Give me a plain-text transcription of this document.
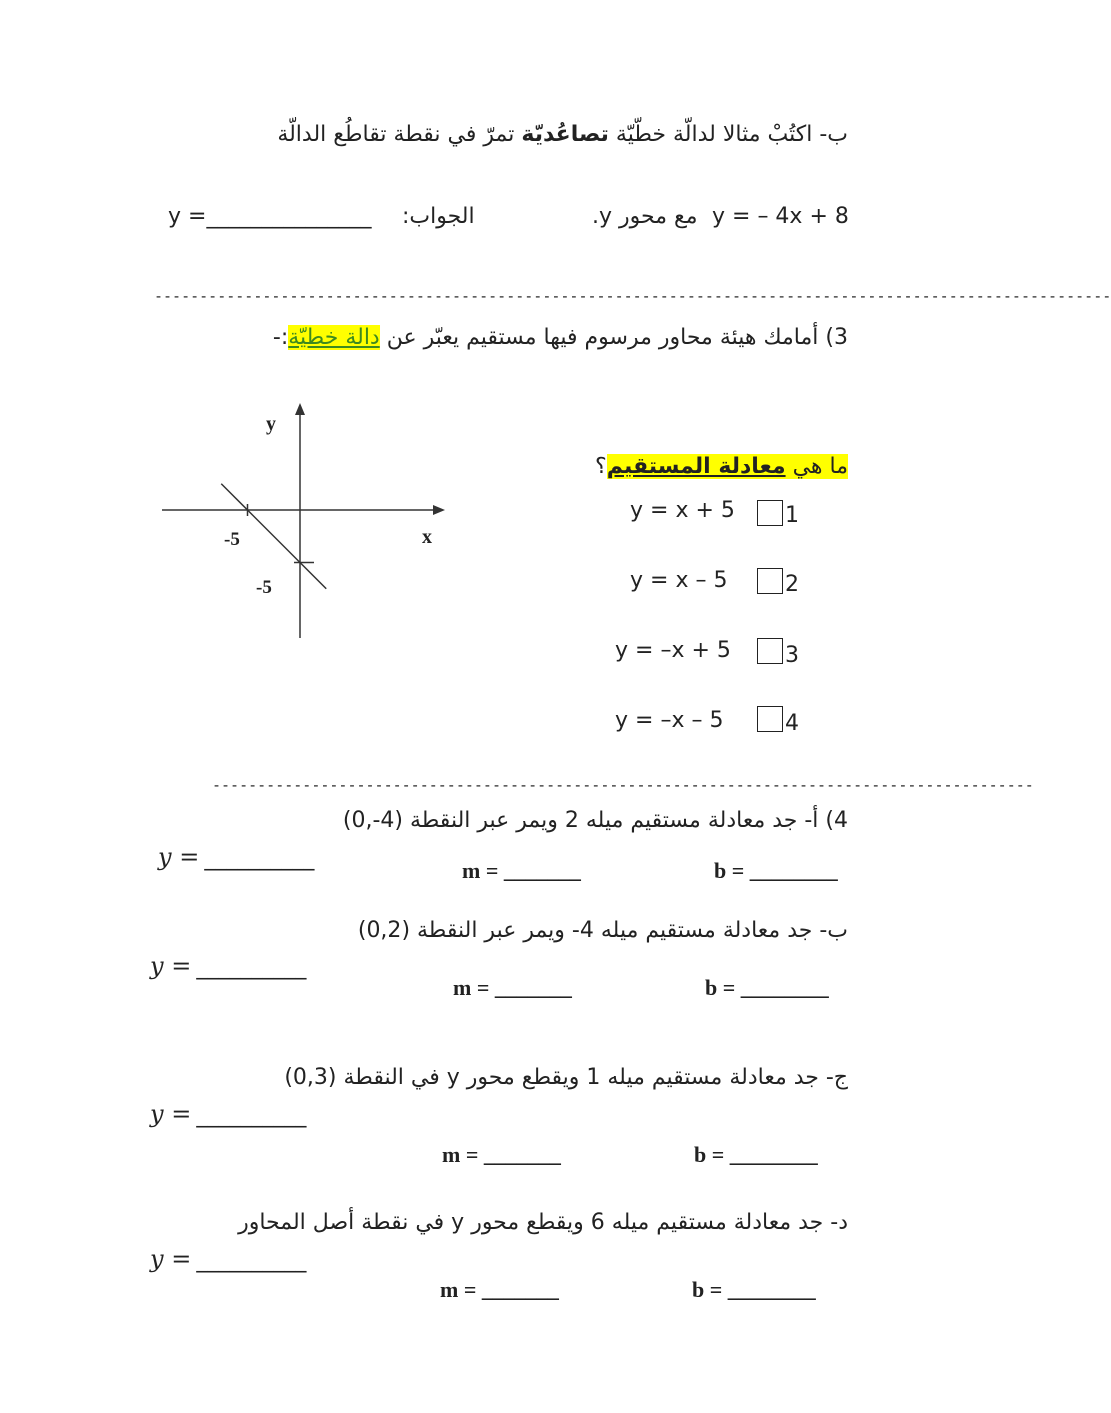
ب- اكتُبْ مثالا لدالّة خطّيّة تصاعُديّة تمرّ في نقطة تقاطُع الدالّة
y = – 4x + 8
مع محور y.
الجواب:
y =_______________
----------------------------------------------------------------------------------------------------------
3) أمامك هيئة محاور مرسوم فيها مستقيم يعبّر عن دالة خطيّة:-
y
x
-5
-5
ما هي معادلة المستقيم؟
y = x + 5 1
y = x – 5	2
y = –x + 5 3
y = –x – 5	4
-------------------------------------------------------------------------------------------
4) أ- جد معادلة مستقيم ميله 2 ويمر عبر النقطة (4-,0)
y = __________	m = _______	b = ________
ب- جد معادلة مستقيم ميله 4- ويمر عبر النقطة (0,2)
y = __________
m = _______	b = ________
ج- جد معادلة مستقيم ميله 1 ويقطع محور y في النقطة (0,3)
y = __________
m = _______	b = ________
د- جد معادلة مستقيم ميله 6 ويقطع محور y في نقطة أصل المحاور
y = __________
m = _______	b = ________
